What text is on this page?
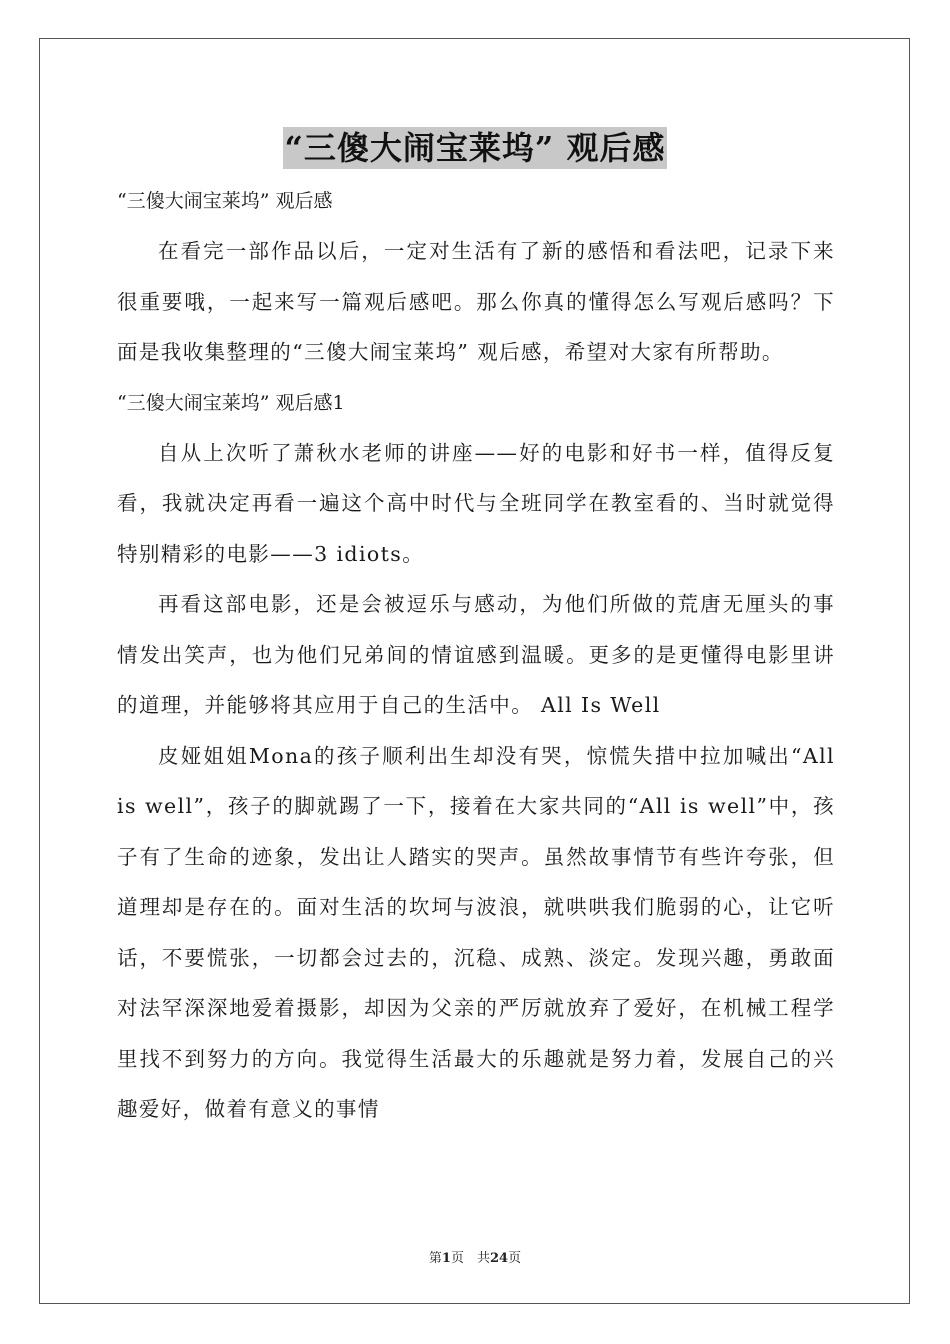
“三傻大闹宝莱坞” 观后感

“三傻大闹宝莱坞” 观后感

在看完一部作品以后，一定对生活有了新的感悟和看法吧，记录下来很重要哦，一起来写一篇观后感吧。那么你真的懂得怎么写观后感吗？下面是我收集整理的“三傻大闹宝莱坞” 观后感，希望对大家有所帮助。

“三傻大闹宝莱坞” 观后感1

自从上次听了萧秋水老师的讲座——好的电影和好书一样，值得反复看，我就决定再看一遍这个高中时代与全班同学在教室看的、当时就觉得特别精彩的电影——3 idiots。

再看这部电影，还是会被逗乐与感动，为他们所做的荒唐无厘头的事情发出笑声，也为他们兄弟间的情谊感到温暖。更多的是更懂得电影里讲的道理，并能够将其应用于自己的生活中。 All Is Well

皮娅姐姐Mona的孩子顺利出生却没有哭，惊慌失措中拉加喊出“All is well”，孩子的脚就踢了一下，接着在大家共同的“All is well”中，孩子有了生命的迹象，发出让人踏实的哭声。虽然故事情节有些许夸张，但道理却是存在的。面对生活的坎坷与波浪，就哄哄我们脆弱的心，让它听话，不要慌张，一切都会过去的，沉稳、成熟、淡定。发现兴趣，勇敢面对法罕深深地爱着摄影，却因为父亲的严厉就放弃了爱好，在机械工程学里找不到努力的方向。我觉得生活最大的乐趣就是努力着，发展自己的兴趣爱好，做着有意义的事情

第1页　共24页
